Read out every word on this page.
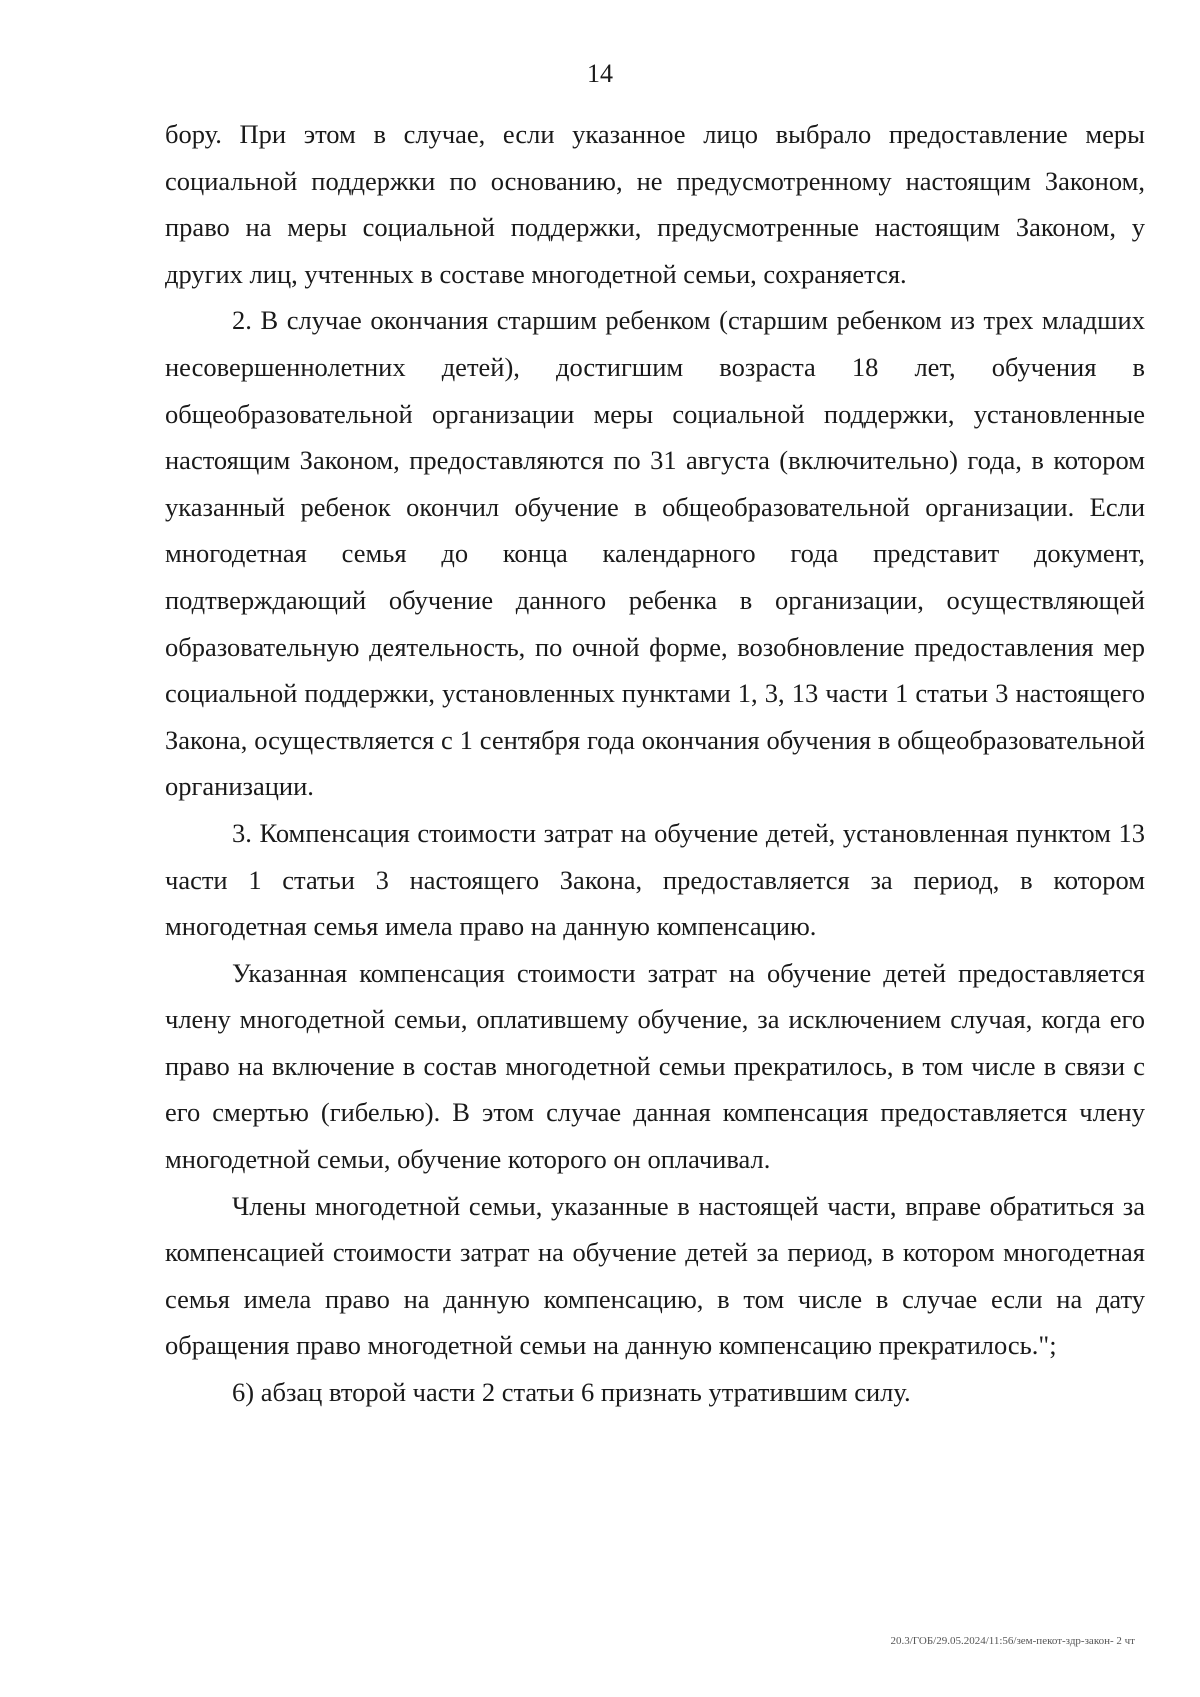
14

бору. При этом в случае, если указанное лицо выбрало предоставление меры социальной поддержки по основанию, не предусмотренному настоящим Законом, право на меры социальной поддержки, предусмотренные настоящим Законом, у других лиц, учтенных в составе многодетной семьи, сохраняется.

2. В случае окончания старшим ребенком (старшим ребенком из трех младших несовершеннолетних детей), достигшим возраста 18 лет, обучения в общеобразовательной организации меры социальной поддержки, установленные настоящим Законом, предоставляются по 31 августа (включительно) года, в котором указанный ребенок окончил обучение в общеобразовательной организации. Если многодетная семья до конца календарного года представит документ, подтверждающий обучение данного ребенка в организации, осуществляющей образовательную деятельность, по очной форме, возобновление предоставления мер социальной поддержки, установленных пунктами 1, 3, 13 части 1 статьи 3 настоящего Закона, осуществляется с 1 сентября года окончания обучения в общеобразовательной организации.

3. Компенсация стоимости затрат на обучение детей, установленная пунктом 13 части 1 статьи 3 настоящего Закона, предоставляется за период, в котором многодетная семья имела право на данную компенсацию.

Указанная компенсация стоимости затрат на обучение детей предоставляется члену многодетной семьи, оплатившему обучение, за исключением случая, когда его право на включение в состав многодетной семьи прекратилось, в том числе в связи с его смертью (гибелью). В этом случае данная компенсация предоставляется члену многодетной семьи, обучение которого он оплачивал.

Члены многодетной семьи, указанные в настоящей части, вправе обратиться за компенсацией стоимости затрат на обучение детей за период, в котором многодетная семья имела право на данную компенсацию, в том числе в случае если на дату обращения право многодетной семьи на данную компенсацию прекратилось.";

6) абзац второй части 2 статьи 6 признать утратившим силу.

20.3/ГОБ/29.05.2024/11:56/зем-пекот-здр-закон- 2 чт
